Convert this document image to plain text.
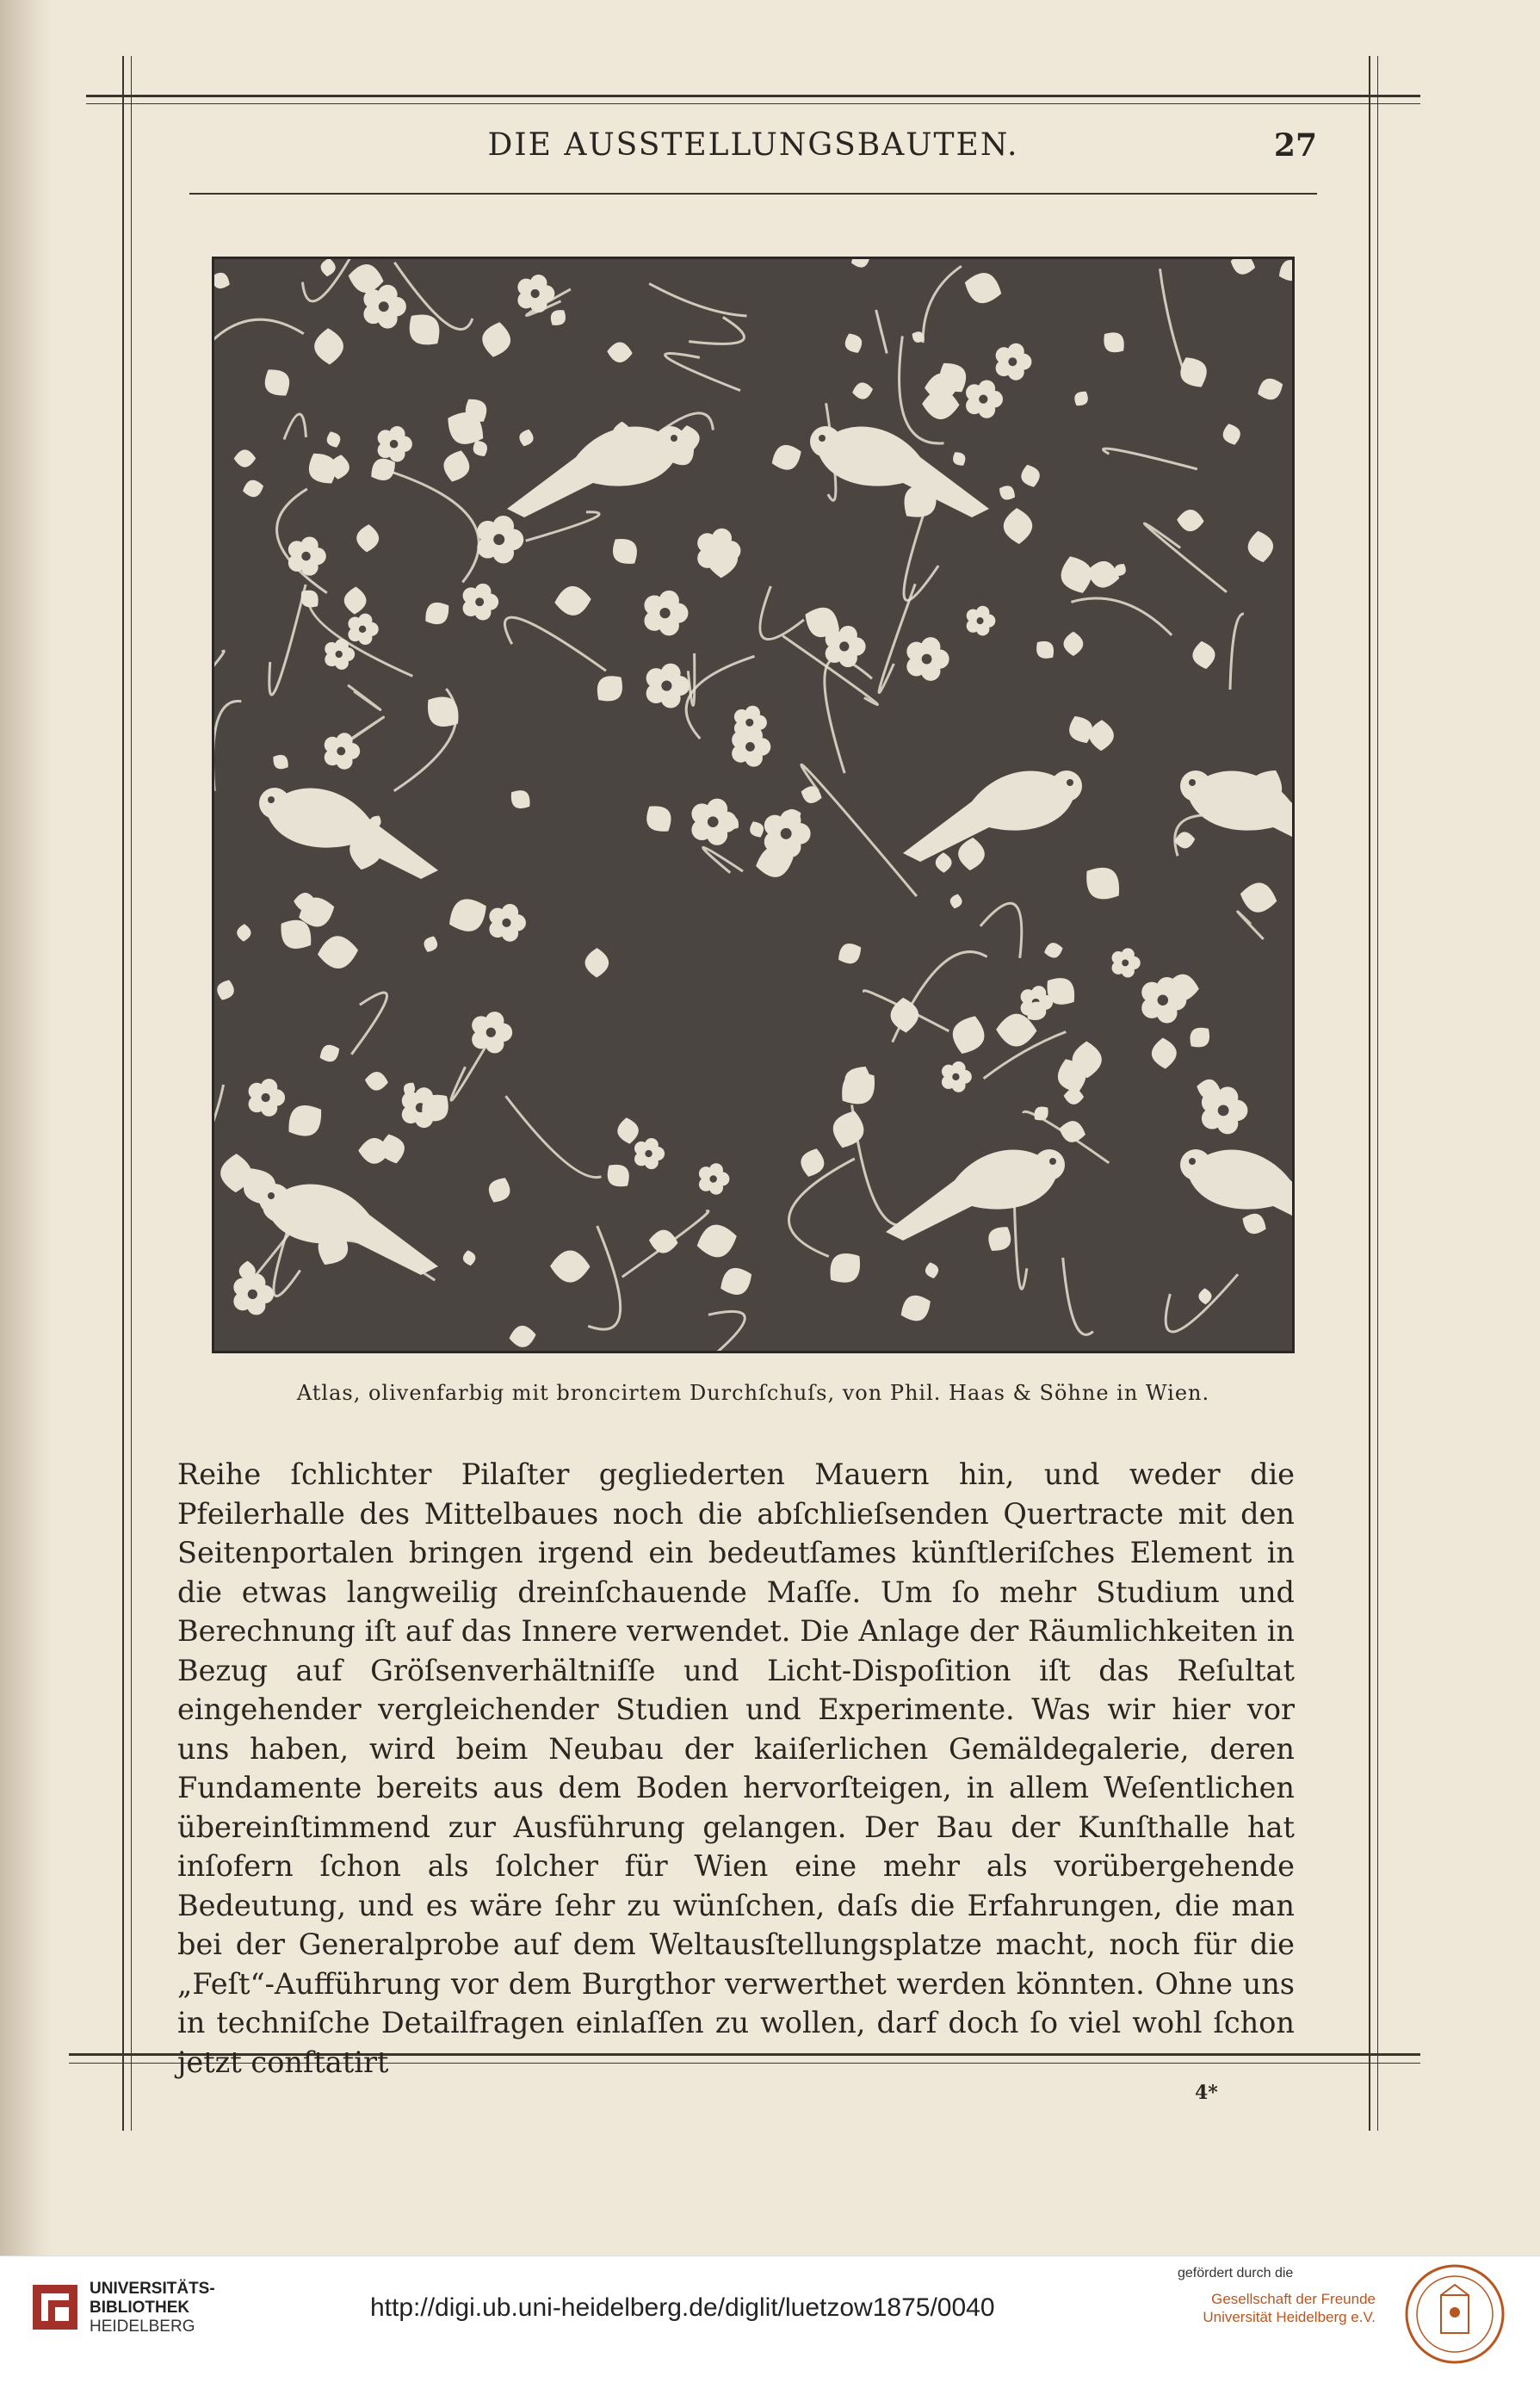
DIE AUSSTELLUNGSBAUTEN.	27
Atlas, olivenfarbig mit broncirtem Durchſchuſs, von Phil. Haas & Söhne in Wien.

Reihe ſchlichter Pilaſter gegliederten Mauern hin, und weder die Pfeilerhalle des Mittelbaues noch die abſchlieſsenden Quertracte mit den Seitenportalen bringen irgend ein bedeutſames künſtleriſches Element in die etwas langweilig dreinſchauende Maſſe. Um ſo mehr Studium und Berechnung iſt auf das Innere verwendet. Die Anlage der Räumlichkeiten in Bezug auf Gröſsenverhältniſſe und Licht-Dispoſition iſt das Reſultat eingehender vergleichender Studien und Experimente. Was wir hier vor uns haben, wird beim Neubau der kaiſerlichen Gemäldegalerie, deren Fundamente bereits aus dem Boden hervorſteigen, in allem Weſentlichen übereinſtimmend zur Ausführung gelangen. Der Bau der Kunſthalle hat inſofern ſchon als ſolcher für Wien eine mehr als vorübergehende Bedeutung, und es wäre ſehr zu wünſchen, daſs die Erfahrungen, die man bei der Generalprobe auf dem Weltausſtellungsplatze macht, noch für die „Feſt“-Aufführung vor dem Burgthor verwerthet werden könnten. Ohne uns in techniſche Detailfragen einlaſſen zu wollen, darf doch ſo viel wohl ſchon jetzt conſtatirt

4*
UNIVERSITÄTS-
BIBLIOTHEK
HEIDELBERG
http://digi.ub.uni-heidelberg.de/diglit/luetzow1875/0040
gefördert durch die
Gesellschaft der Freunde
Universität Heidelberg e.V.
